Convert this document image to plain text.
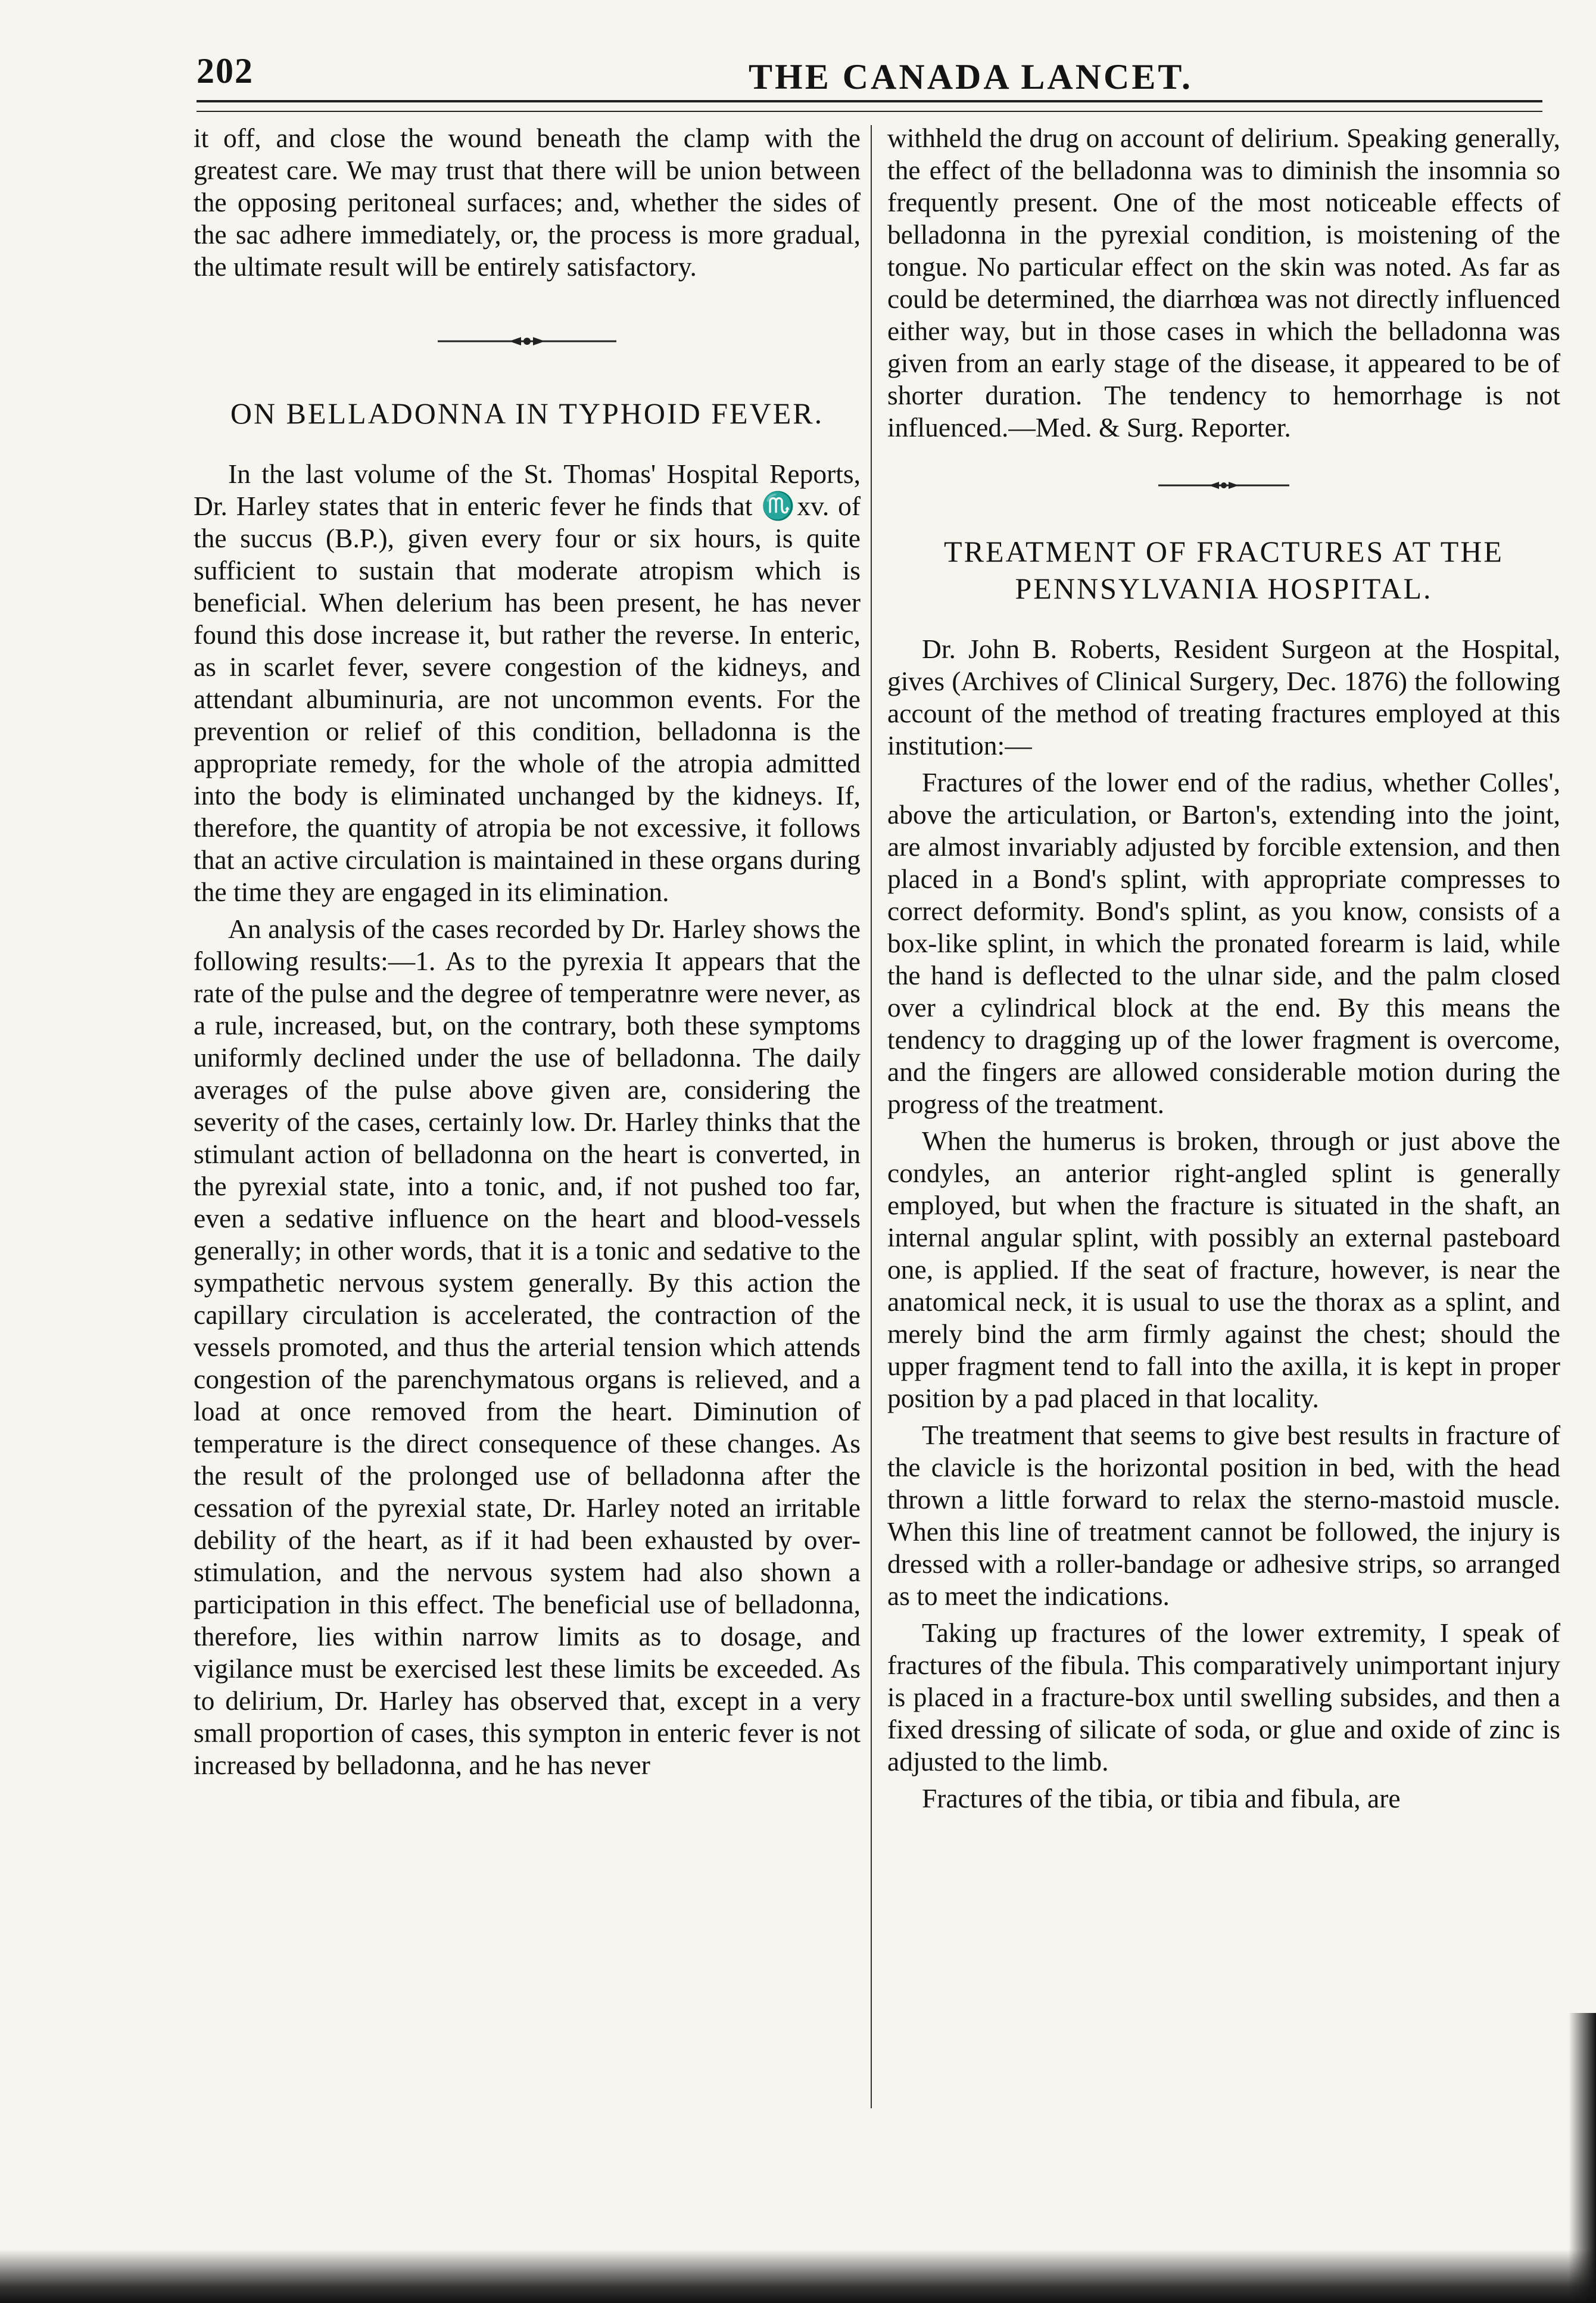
202	THE CANADA LANCET.

it off, and close the wound beneath the clamp with the greatest care. We may trust that there will be union between the opposing peritoneal surfaces; and, whether the sides of the sac adhere immediately, or, the process is more gradual, the ultimate result will be entirely satisfactory.

ON BELLADONNA IN TYPHOID FEVER.

In the last volume of the St. Thomas' Hospital Reports, Dr. Harley states that in enteric fever he finds that ♏xv. of the succus (B.P.), given every four or six hours, is quite sufficient to sustain that moderate atropism which is beneficial. When delerium has been present, he has never found this dose increase it, but rather the reverse. In enteric, as in scarlet fever, severe congestion of the kidneys, and attendant albuminuria, are not uncommon events. For the prevention or relief of this condition, belladonna is the appropriate remedy, for the whole of the atropia admitted into the body is eliminated unchanged by the kidneys. If, therefore, the quantity of atropia be not excessive, it follows that an active circulation is maintained in these organs during the time they are engaged in its elimination.

An analysis of the cases recorded by Dr. Harley shows the following results:—1. As to the pyrexia It appears that the rate of the pulse and the degree of temperatnre were never, as a rule, increased, but, on the contrary, both these symptoms uniformly declined under the use of belladonna. The daily averages of the pulse above given are, considering the severity of the cases, certainly low. Dr. Harley thinks that the stimulant action of belladonna on the heart is converted, in the pyrexial state, into a tonic, and, if not pushed too far, even a sedative influence on the heart and blood-vessels generally; in other words, that it is a tonic and sedative to the sympathetic nervous system generally. By this action the capillary circulation is accelerated, the contraction of the vessels promoted, and thus the arterial tension which attends congestion of the parenchymatous organs is relieved, and a load at once removed from the heart. Diminution of temperature is the direct consequence of these changes. As the result of the prolonged use of belladonna after the cessation of the pyrexial state, Dr. Harley noted an irritable debility of the heart, as if it had been exhausted by over-stimulation, and the nervous system had also shown a participation in this effect. The beneficial use of belladonna, therefore, lies within narrow limits as to dosage, and vigilance must be exercised lest these limits be exceeded. As to delirium, Dr. Harley has observed that, except in a very small proportion of cases, this sympton in enteric fever is not increased by belladonna, and he has never

withheld the drug on account of delirium. Speaking generally, the effect of the belladonna was to diminish the insomnia so frequently present. One of the most noticeable effects of belladonna in the pyrexial condition, is moistening of the tongue. No particular effect on the skin was noted. As far as could be determined, the diarrhœa was not directly influenced either way, but in those cases in which the belladonna was given from an early stage of the disease, it appeared to be of shorter duration. The tendency to hemorrhage is not influenced.—Med. & Surg. Reporter.

TREATMENT OF FRACTURES AT THE PENNSYLVANIA HOSPITAL.

Dr. John B. Roberts, Resident Surgeon at the Hospital, gives (Archives of Clinical Surgery, Dec. 1876) the following account of the method of treating fractures employed at this institution:—

Fractures of the lower end of the radius, whether Colles', above the articulation, or Barton's, extending into the joint, are almost invariably adjusted by forcible extension, and then placed in a Bond's splint, with appropriate compresses to correct deformity. Bond's splint, as you know, consists of a box-like splint, in which the pronated forearm is laid, while the hand is deflected to the ulnar side, and the palm closed over a cylindrical block at the end. By this means the tendency to dragging up of the lower fragment is overcome, and the fingers are allowed considerable motion during the progress of the treatment.

When the humerus is broken, through or just above the condyles, an anterior right-angled splint is generally employed, but when the fracture is situated in the shaft, an internal angular splint, with possibly an external pasteboard one, is applied. If the seat of fracture, however, is near the anatomical neck, it is usual to use the thorax as a splint, and merely bind the arm firmly against the chest; should the upper fragment tend to fall into the axilla, it is kept in proper position by a pad placed in that locality.

The treatment that seems to give best results in fracture of the clavicle is the horizontal position in bed, with the head thrown a little forward to relax the sterno-mastoid muscle. When this line of treatment cannot be followed, the injury is dressed with a roller-bandage or adhesive strips, so arranged as to meet the indications.

Taking up fractures of the lower extremity, I speak of fractures of the fibula. This comparatively unimportant injury is placed in a fracture-box until swelling subsides, and then a fixed dressing of silicate of soda, or glue and oxide of zinc is adjusted to the limb.

Fractures of the tibia, or tibia and fibula, are
